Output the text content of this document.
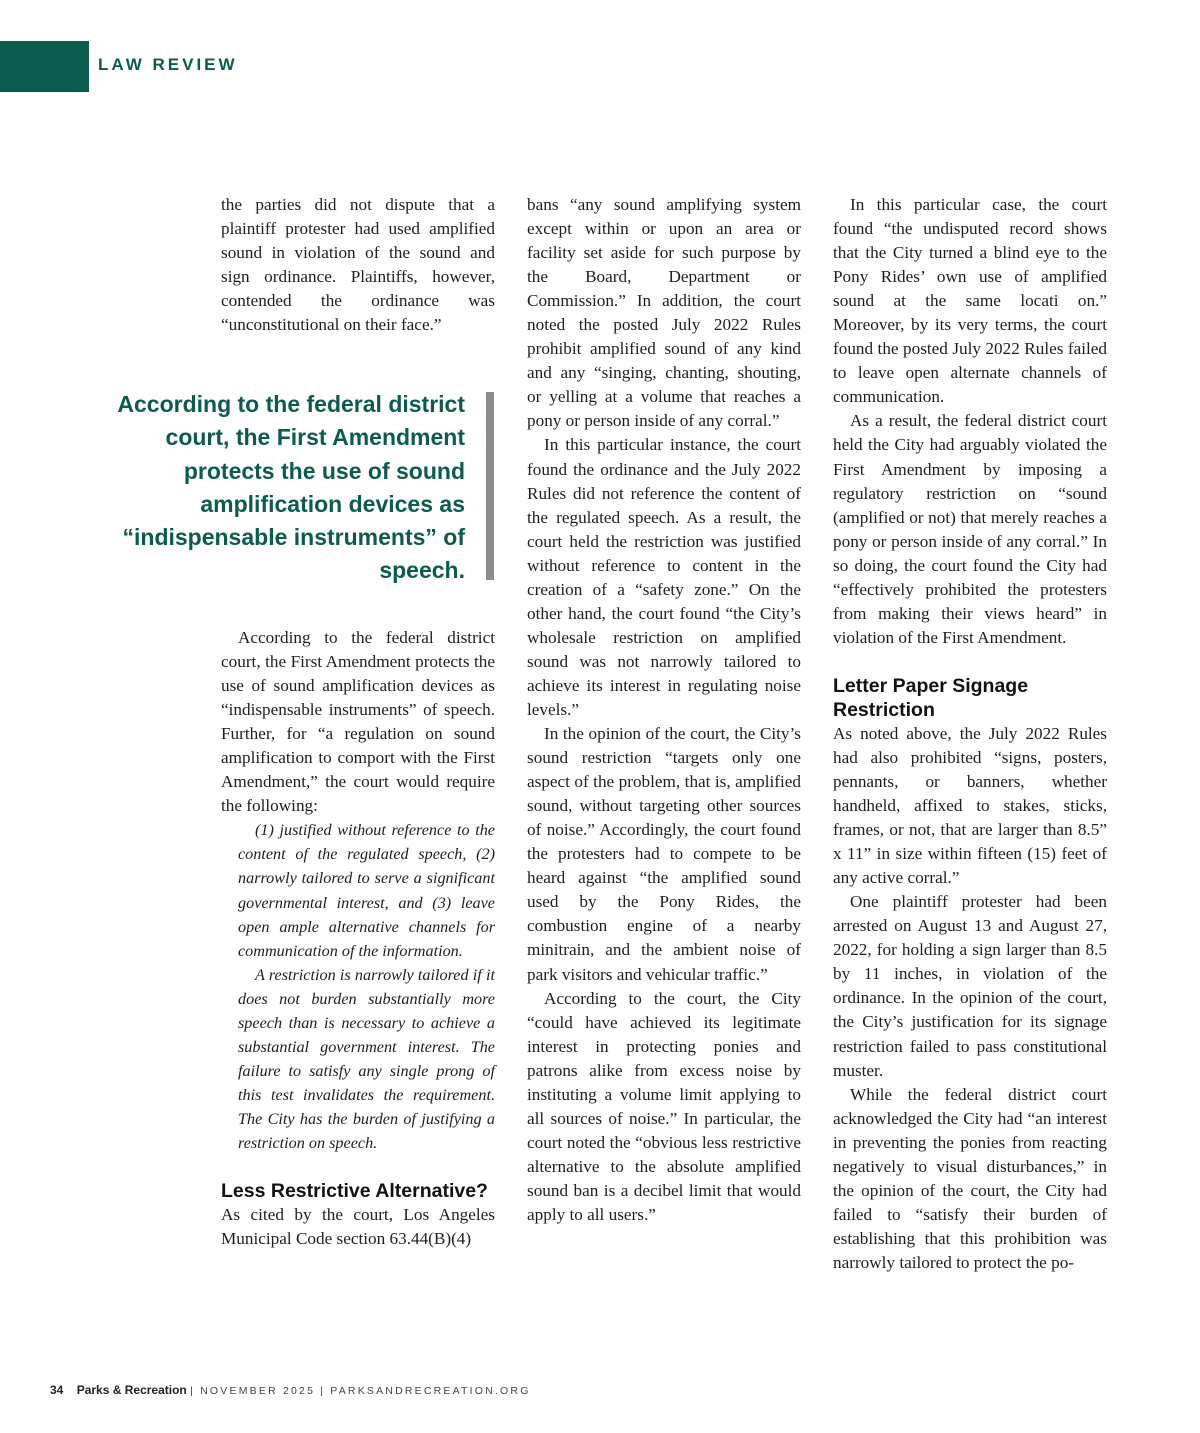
LAW REVIEW

the parties did not dispute that a plaintiff protester had used amplified sound in violation of the sound and sign ordinance. Plaintiffs, however, contended the ordinance was “unconstitutional on their face.”

According to the federal district court, the First Amendment protects the use of sound amplification devices as “indispensable instruments” of speech.

According to the federal district court, the First Amendment protects the use of sound amplification devices as “indispensable instruments” of speech. Further, for “a regulation on sound amplification to comport with the First Amendment,” the court would require the following:

(1) justified without reference to the content of the regulated speech, (2) narrowly tailored to serve a significant governmental interest, and (3) leave open ample alternative channels for communication of the information.

A restriction is narrowly tailored if it does not burden substantially more speech than is necessary to achieve a substantial government interest. The failure to satisfy any single prong of this test invalidates the requirement. The City has the burden of justifying a restriction on speech.

Less Restrictive Alternative?

As cited by the court, Los Angeles Municipal Code section 63.44(B)(4)

bans “any sound amplifying system except within or upon an area or facility set aside for such purpose by the Board, Department or Commission.” In addition, the court noted the posted July 2022 Rules prohibit amplified sound of any kind and any “singing, chanting, shouting, or yelling at a volume that reaches a pony or person inside of any corral.”

In this particular instance, the court found the ordinance and the July 2022 Rules did not reference the content of the regulated speech. As a result, the court held the restriction was justified without reference to content in the creation of a “safety zone.” On the other hand, the court found “the City’s wholesale restriction on amplified sound was not narrowly tailored to achieve its interest in regulating noise levels.”

In the opinion of the court, the City’s sound restriction “targets only one aspect of the problem, that is, amplified sound, without targeting other sources of noise.” Accordingly, the court found the protesters had to compete to be heard against “the amplified sound used by the Pony Rides, the combustion engine of a nearby minitrain, and the ambient noise of park visitors and vehicular traffic.”

According to the court, the City “could have achieved its legitimate interest in protecting ponies and patrons alike from excess noise by instituting a volume limit applying to all sources of noise.” In particular, the court noted the “obvious less restrictive alternative to the absolute amplified sound ban is a decibel limit that would apply to all users.”

In this particular case, the court found “the undisputed record shows that the City turned a blind eye to the Pony Rides’ own use of amplified sound at the same locati on.” Moreover, by its very terms, the court found the posted July 2022 Rules failed to leave open alternate channels of communication.

As a result, the federal district court held the City had arguably violated the First Amendment by imposing a regulatory restriction on “sound (amplified or not) that merely reaches a pony or person inside of any corral.” In so doing, the court found the City had “effectively prohibited the protesters from making their views heard” in violation of the First Amendment.

Letter Paper Signage Restriction

As noted above, the July 2022 Rules had also prohibited “signs, posters, pennants, or banners, whether handheld, affixed to stakes, sticks, frames, or not, that are larger than 8.5” x 11” in size within fifteen (15) feet of any active corral.”

One plaintiff protester had been arrested on August 13 and August 27, 2022, for holding a sign larger than 8.5 by 11 inches, in violation of the ordinance. In the opinion of the court, the City’s justification for its signage restriction failed to pass constitutional muster.

While the federal district court acknowledged the City had “an interest in preventing the ponies from reacting negatively to visual disturbances,” in the opinion of the court, the City had failed to “satisfy their burden of establishing that this prohibition was narrowly tailored to protect the po-

34 Parks & Recreation | NOVEMBER 2025 | PARKSANDRECREATION.ORG
